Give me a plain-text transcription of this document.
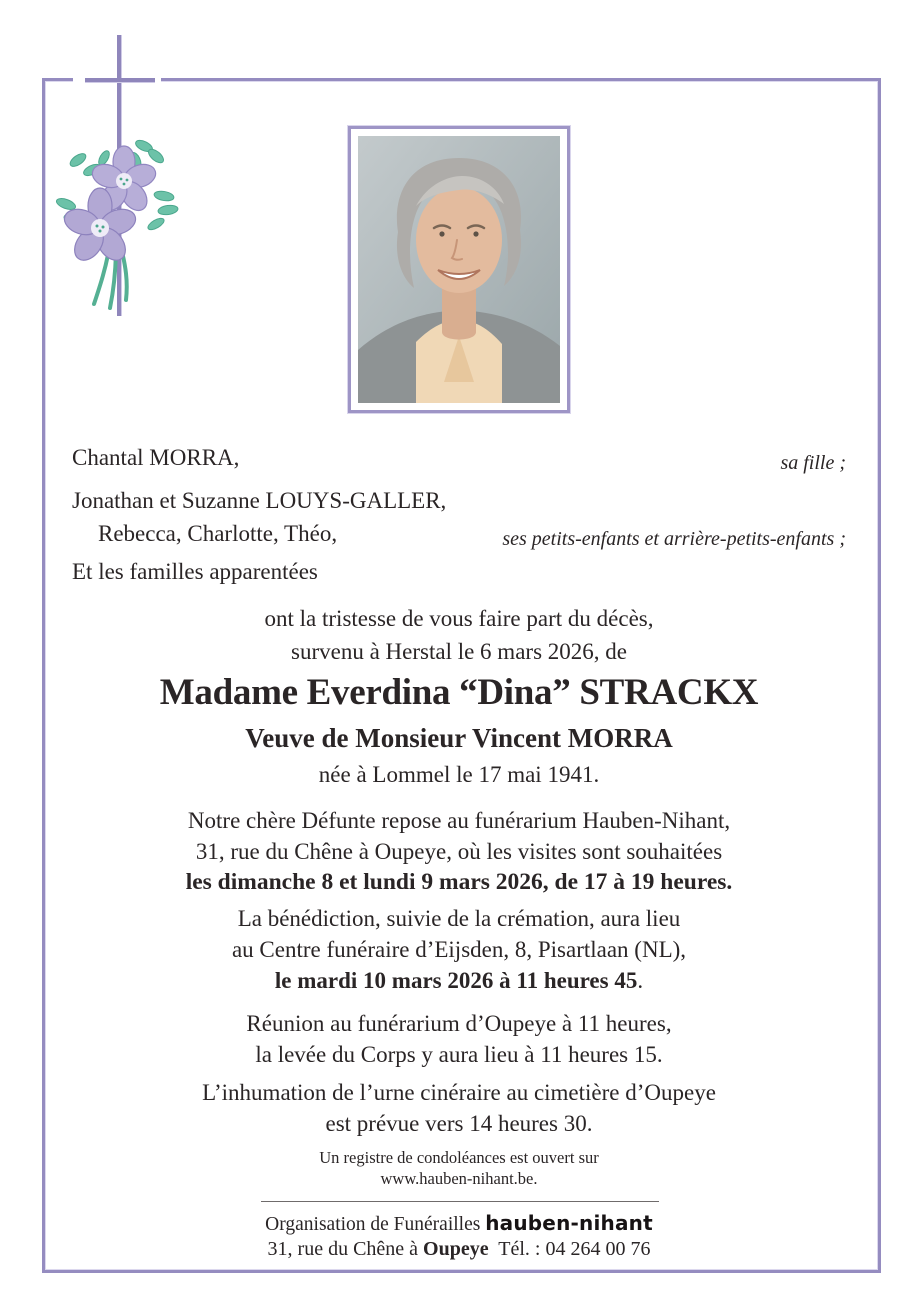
Chantal MORRA,	sa fille ;
Jonathan et Suzanne LOUYS-GALLER,
Rebecca, Charlotte, Théo,	ses petits-enfants et arrière-petits-enfants ;
Et les familles apparentées
ont la tristesse de vous faire part du décès,
survenu à Herstal le 6 mars 2026, de
Madame Everdina “Dina” STRACKX
Veuve de Monsieur Vincent MORRA
née à Lommel le 17 mai 1941.
Notre chère Défunte repose au funérarium Hauben-Nihant,
31, rue du Chêne à Oupeye, où les visites sont souhaitées
les dimanche 8 et lundi 9 mars 2026, de 17 à 19 heures.
La bénédiction, suivie de la crémation, aura lieu
au Centre funéraire d’Eijsden, 8, Pisartlaan (NL),
le mardi 10 mars 2026 à 11 heures 45.
Réunion au funérarium d’Oupeye à 11 heures,
la levée du Corps y aura lieu à 11 heures 15.
L’inhumation de l’urne cinéraire au cimetière d’Oupeye
est prévue vers 14 heures 30.
Un registre de condoléances est ouvert sur
www.hauben-nihant.be.
Organisation de Funérailles hauben-nihant
31, rue du Chêne à Oupeye  Tél. : 04 264 00 76
